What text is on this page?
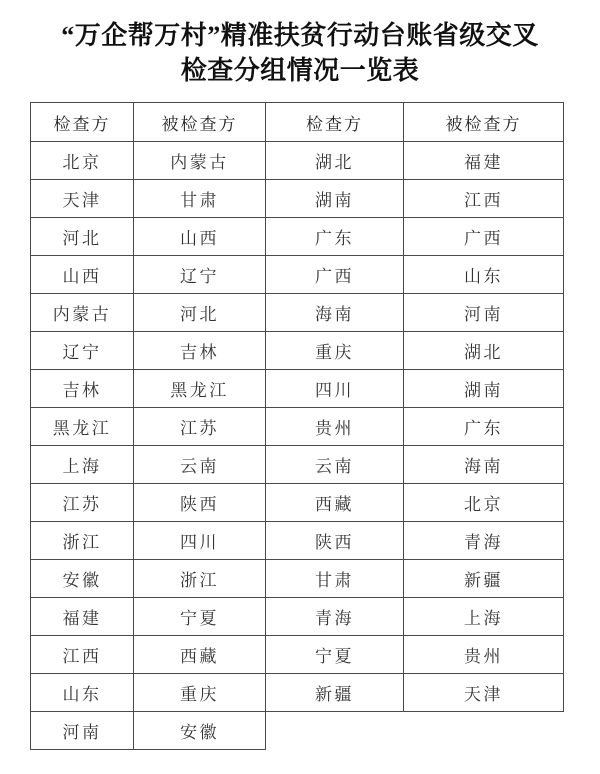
“万企帮万村”精准扶贫行动台账省级交叉
检查分组情况一览表
检查方	被检查方	检查方	被检查方
北京	内蒙古	湖北	福建
天津	甘肃	湖南	江西
河北	山西	广东	广西
山西	辽宁	广西	山东
内蒙古	河北	海南	河南
辽宁	吉林	重庆	湖北
吉林	黑龙江	四川	湖南
黑龙江	江苏	贵州	广东
上海	云南	云南	海南
江苏	陕西	西藏	北京
浙江	四川	陕西	青海
安徽	浙江	甘肃	新疆
福建	宁夏	青海	上海
江西	西藏	宁夏	贵州
山东	重庆	新疆	天津
河南	安徽		
